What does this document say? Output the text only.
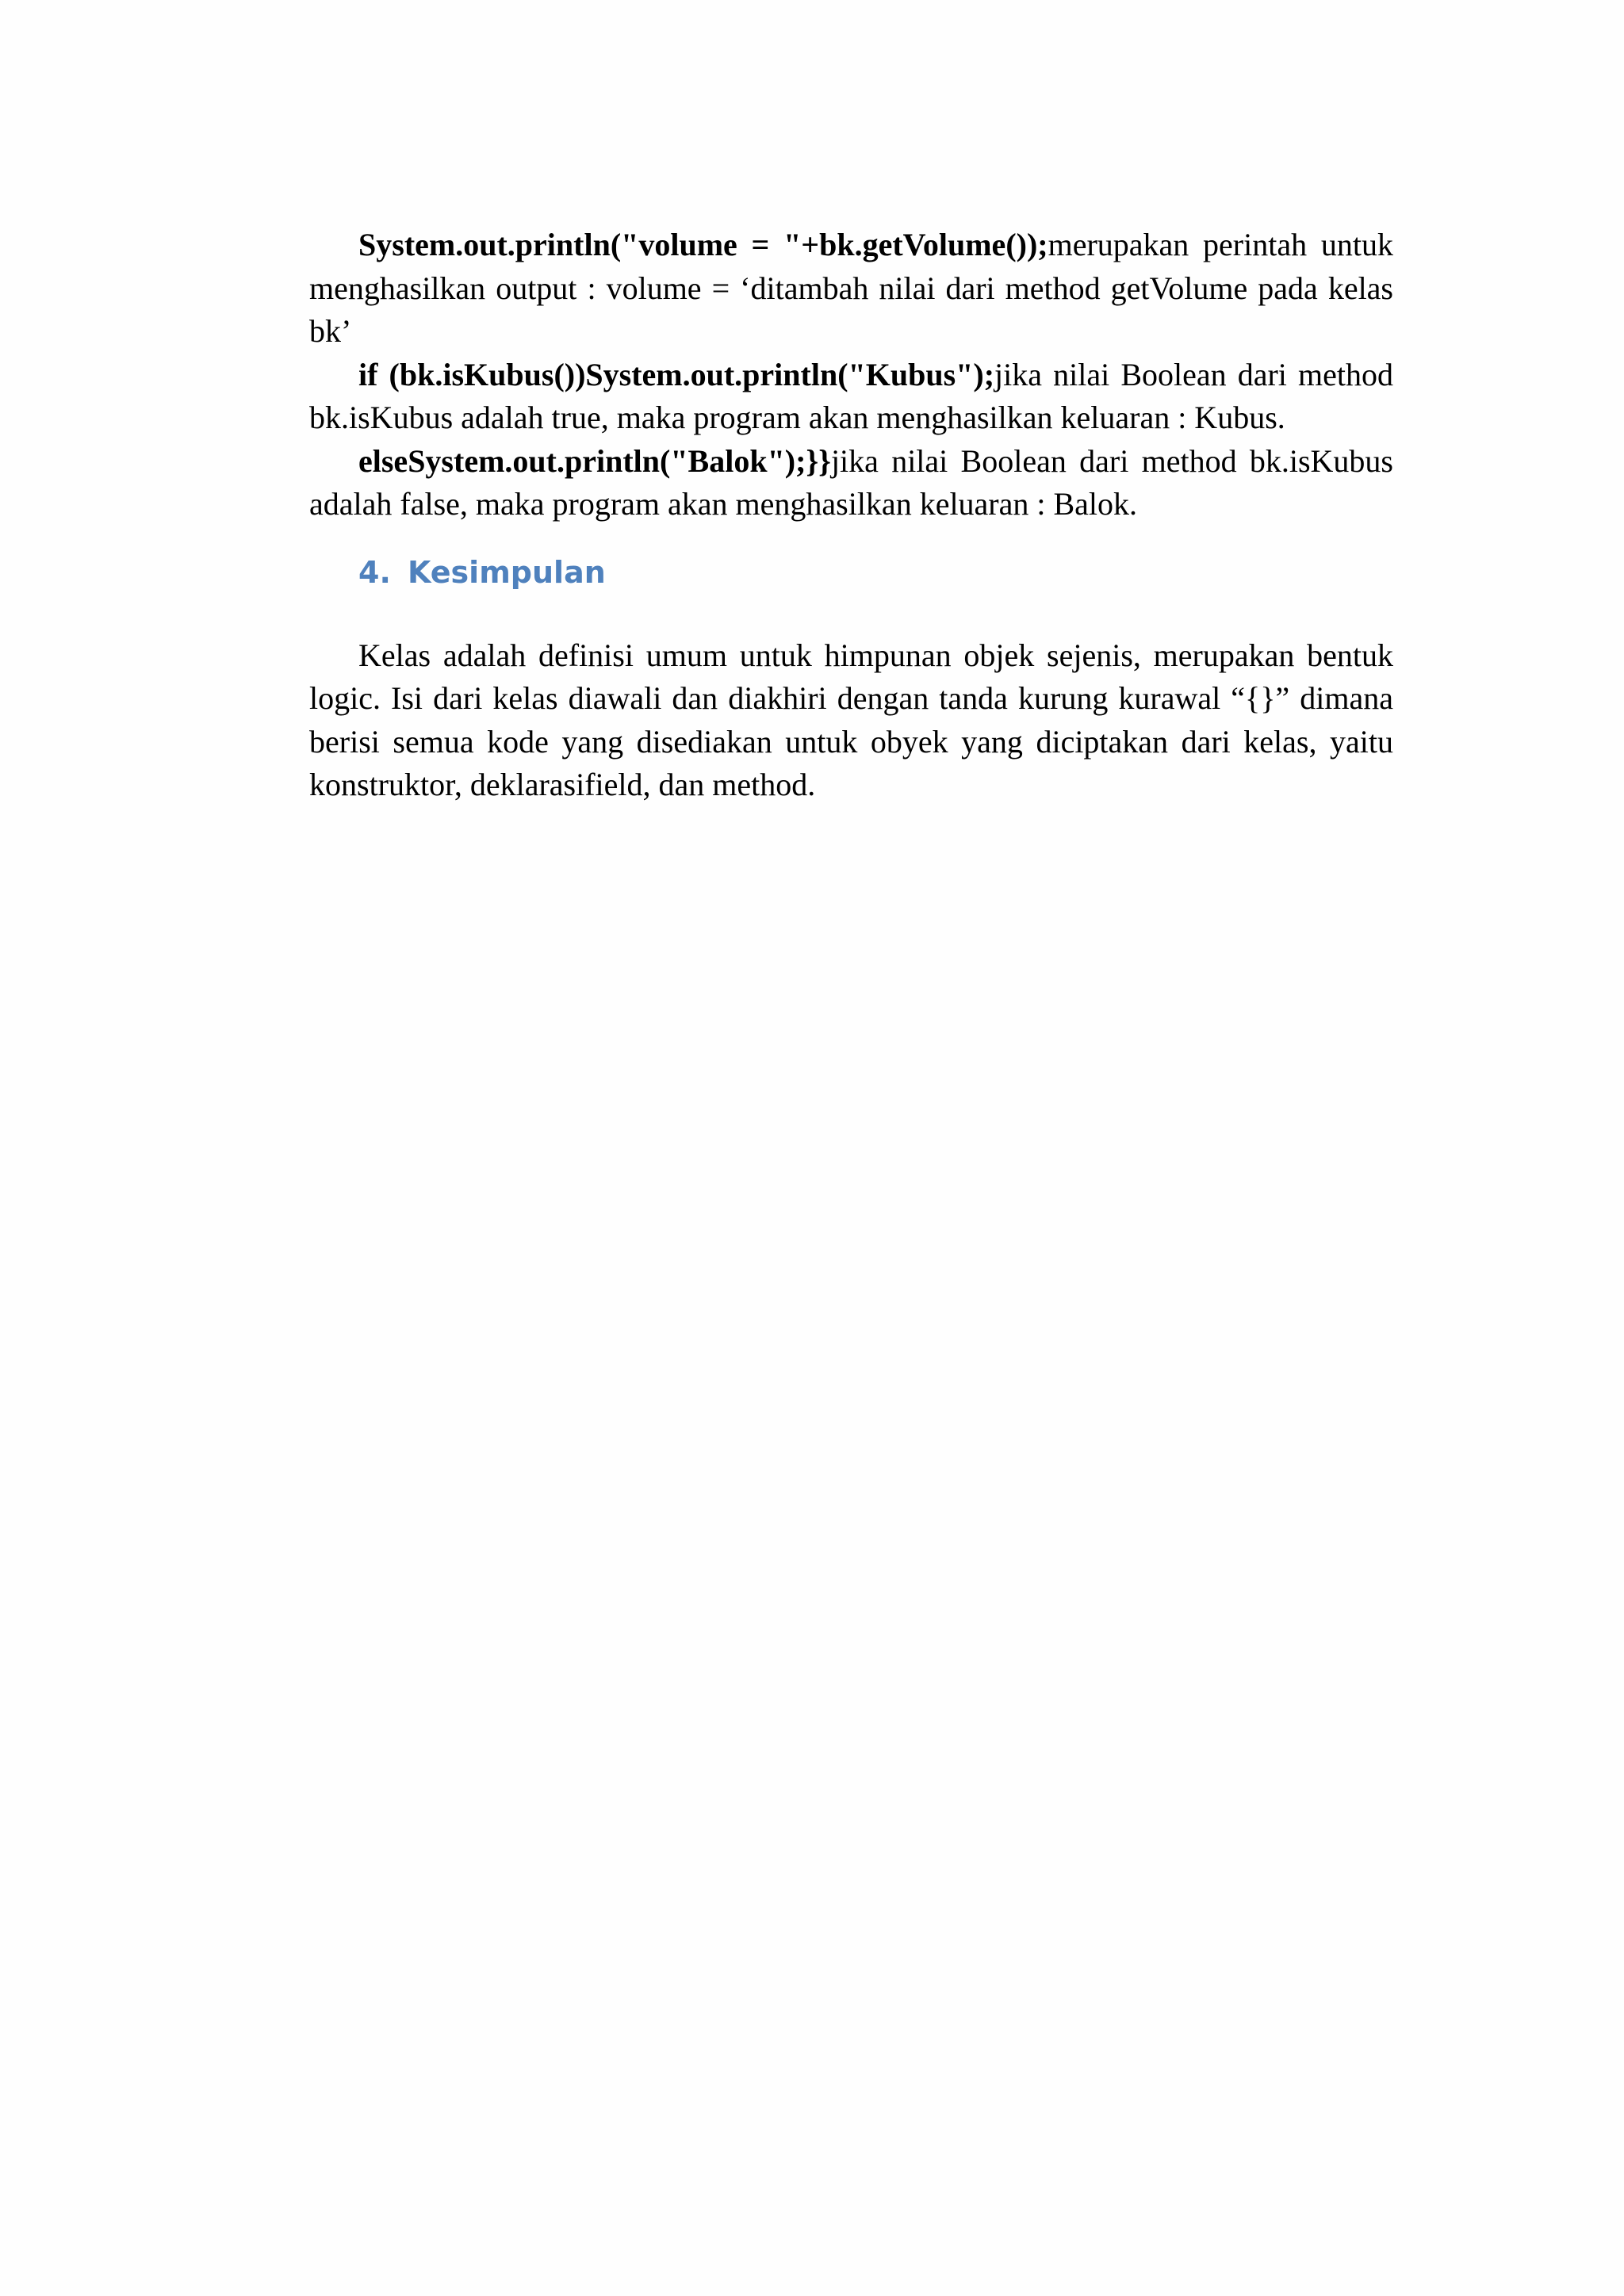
System.out.println("volume = "+bk.getVolume());merupakan perintah untuk menghasilkan output : volume = ‘ditambah nilai dari method getVolume pada kelas bk’

if (bk.isKubus())System.out.println("Kubus");jika nilai Boolean dari method bk.isKubus adalah true, maka program akan menghasilkan keluaran : Kubus.

elseSystem.out.println("Balok");}}jika nilai Boolean dari method bk.isKubus adalah false, maka program akan menghasilkan keluaran : Balok.

4. Kesimpulan

Kelas adalah definisi umum untuk himpunan objek sejenis, merupakan bentuk logic. Isi dari kelas diawali dan diakhiri dengan tanda kurung kurawal “{}” dimana berisi semua kode yang disediakan untuk obyek yang diciptakan dari kelas, yaitu konstruktor, deklarasifield, dan method.
